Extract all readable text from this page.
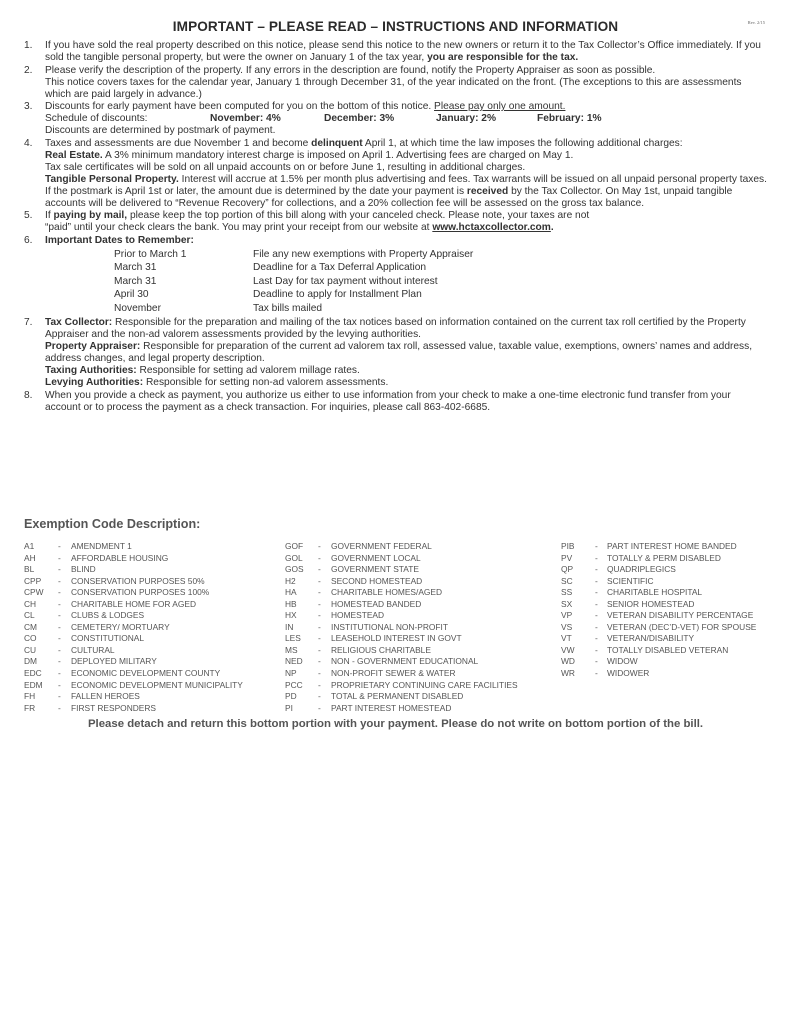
IMPORTANT – PLEASE READ – INSTRUCTIONS AND INFORMATION	Rev. 2/15
1. If you have sold the real property described on this notice, please send this notice to the new owners or return it to the Tax Collector’s Office immediately. If you sold the tangible personal property, but were the owner on January 1 of the tax year, you are responsible for the tax.
2. Please verify the description of the property. If any errors in the description are found, notify the Property Appraiser as soon as possible.
This notice covers taxes for the calendar year, January 1 through December 31, of the year indicated on the front. (The exceptions to this are assessments which are paid largely in advance.)
3. Discounts for early payment have been computed for you on the bottom of this notice. Please pay only one amount.
Schedule of discounts:	November: 4%	December: 3%	January: 2%	February: 1%
Discounts are determined by postmark of payment.
4. Taxes and assessments are due November 1 and become delinquent April 1, at which time the law imposes the following additional charges:
Real Estate. A 3% minimum mandatory interest charge is imposed on April 1. Advertising fees are charged on May 1.
Tax sale certificates will be sold on all unpaid accounts on or before June 1, resulting in additional charges.
Tangible Personal Property. Interest will accrue at 1.5% per month plus advertising and fees. Tax warrants will be issued on all unpaid personal property taxes. If the postmark is April 1st or later, the amount due is determined by the date your payment is received by the Tax Collector. On May 1st, unpaid tangible accounts will be delivered to “Revenue Recovery” for collections, and a 20% collection fee will be assessed on the gross tax balance.
5. If paying by mail, please keep the top portion of this bill along with your canceled check. Please note, your taxes are not
“paid” until your check clears the bank. You may print your receipt from our website at www.hctaxcollector.com.
6. Important Dates to Remember:
Prior to March 1	File any new exemptions with Property Appraiser
March 31	Deadline for a Tax Deferral Application
March 31	Last Day for tax payment without interest
April 30	Deadline to apply for Installment Plan
November	Tax bills mailed
7. Tax Collector: Responsible for the preparation and mailing of the tax notices based on information contained on the current tax roll certified by the Property Appraiser and the non-ad valorem assessments provided by the levying authorities.
Property Appraiser: Responsible for preparation of the current ad valorem tax roll, assessed value, taxable value, exemptions, owners’ names and address, address changes, and legal property description.
Taxing Authorities: Responsible for setting ad valorem millage rates.
Levying Authorities: Responsible for setting non-ad valorem assessments.
8. When you provide a check as payment, you authorize us either to use information from your check to make a one-time electronic fund transfer from your account or to process the payment as a check transaction. For inquiries, please call 863-402-6685.
Exemption Code Description:
A1	- AMENDMENT 1
AH	- AFFORDABLE HOUSING
BL	- BLIND
CPP - CONSERVATION PURPOSES 50%
CPW - CONSERVATION PURPOSES 100%
CH	- CHARITABLE HOME FOR AGED
CL	- CLUBS & LODGES
CM - CEMETERY/ MORTUARY
CO	- CONSTITUTIONAL
CU	- CULTURAL
DM - DEPLOYED MILITARY
EDC - ECONOMIC DEVELOPMENT COUNTY
EDM - ECONOMIC DEVELOPMENT MUNICIPALITY
FH	- FALLEN HEROES
FR	- FIRST RESPONDERS
GOF - GOVERNMENT FEDERAL
GOL - GOVERNMENT LOCAL
GOS - GOVERNMENT STATE
H2	- SECOND HOMESTEAD
HA	- CHARITABLE HOMES/AGED
HB	- HOMESTEAD BANDED
HX	- HOMESTEAD
IN	- INSTITUTIONAL NON-PROFIT
LES - LEASEHOLD INTEREST IN GOVT
MS - RELIGIOUS CHARITABLE
NED - NON - GOVERNMENT EDUCATIONAL
NP	- NON-PROFIT SEWER & WATER
PCC - PROPRIETARY CONTINUING CARE FACILITIES
PD	- TOTAL & PERMANENT DISABLED
PI	- PART INTEREST HOMESTEAD
PIB - PART INTEREST HOME BANDED
PV	- TOTALLY & PERM DISABLED
QP	- QUADRIPLEGICS
SC	- SCIENTIFIC
SS	- CHARITABLE HOSPITAL
SX	- SENIOR HOMESTEAD
VP	- VETERAN DISABILITY PERCENTAGE
VS	- VETERAN (DEC’D-VET) FOR SPOUSE
VT	- VETERAN/DISABILITY
VW - TOTALLY DISABLED VETERAN
WD - WIDOW
WR - WIDOWER
Please detach and return this bottom portion with your payment. Please do not write on bottom portion of the bill.
